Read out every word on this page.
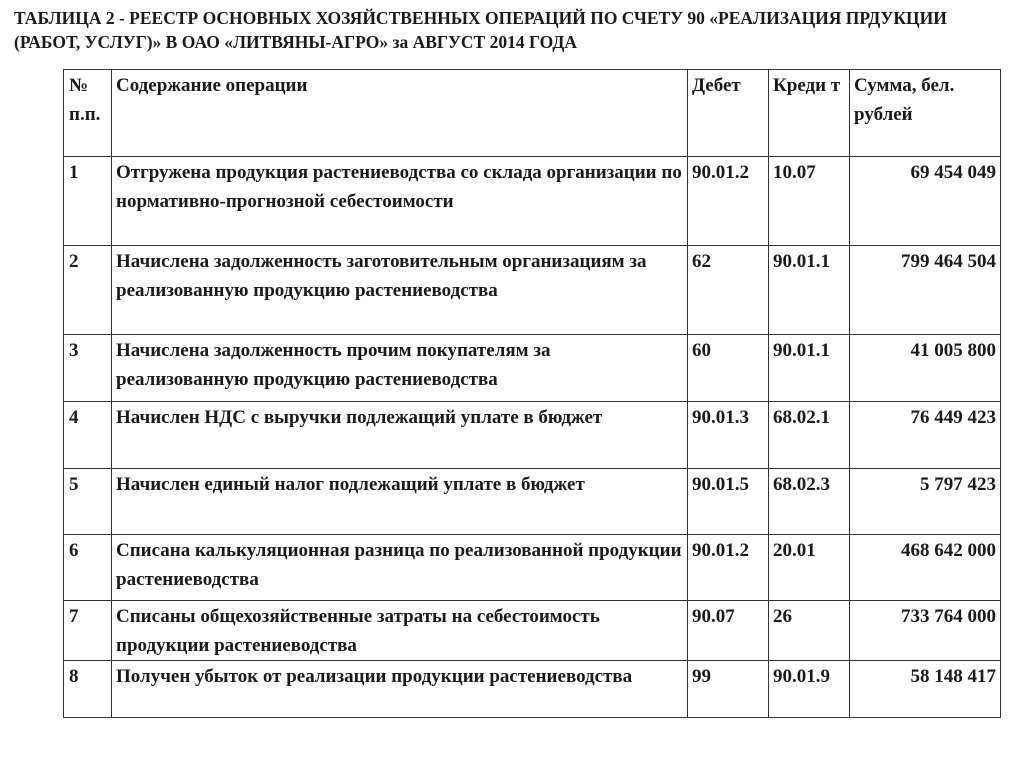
ТАБЛИЦА 2 - РЕЕСТР ОСНОВНЫХ ХОЗЯЙСТВЕННЫХ ОПЕРАЦИЙ ПО СЧЕТУ 90 «РЕАЛИЗАЦИЯ ПРДУКЦИИ (РАБОТ, УСЛУГ)» В ОАО «ЛИТВЯНЫ-АГРО» за АВГУСТ 2014 ГОДА
№ п.п.	Содержание операции	Дебет	Креди т	Сумма, бел. рублей
1	Отгружена продукция растениеводства со склада организации по нормативно-прогнозной себестоимости	90.01.2	10.07	69 454 049
2	Начислена задолженность заготовительным организациям за реализованную продукцию растениеводства	62	90.01.1	799 464 504
3	Начислена задолженность прочим покупателям за реализованную продукцию растениеводства	60	90.01.1	41 005 800
4	Начислен НДС с выручки подлежащий уплате в бюджет	90.01.3	68.02.1	76 449 423
5	Начислен единый налог подлежащий уплате в бюджет	90.01.5	68.02.3	5 797 423
6	Списана калькуляционная разница по реализованной продукции растениеводства	90.01.2	20.01	468 642 000
7	Списаны общехозяйственные затраты на себестоимость продукции растениеводства	90.07	26	733 764 000
8	Получен убыток от реализации продукции растениеводства	99	90.01.9	58 148 417
